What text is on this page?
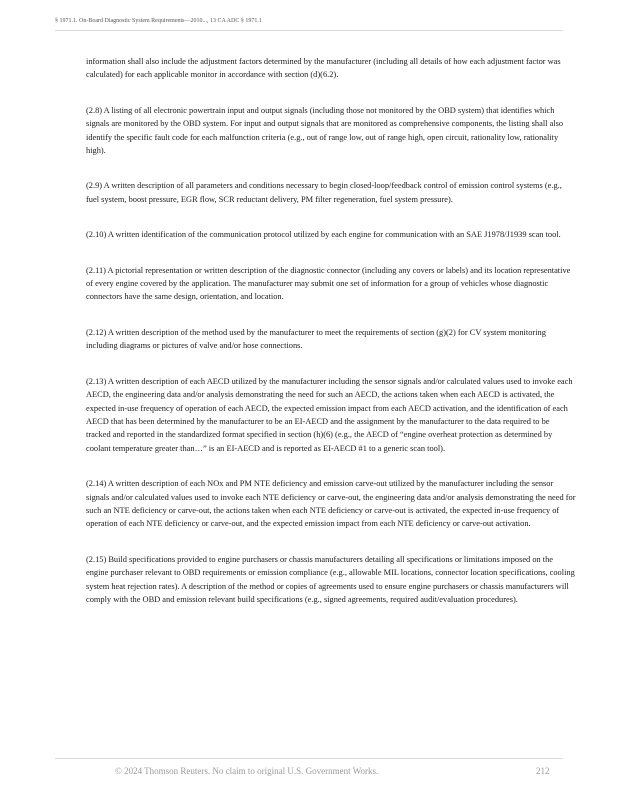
§ 1971.1. On-Board Diagnostic System Requirements—2010..., 13 CA ADC § 1971.1

information shall also include the adjustment factors determined by the manufacturer (including all details of how each adjustment factor was calculated) for each applicable monitor in accordance with section (d)(6.2).

(2.8) A listing of all electronic powertrain input and output signals (including those not monitored by the OBD system) that identifies which signals are monitored by the OBD system. For input and output signals that are monitored as comprehensive components, the listing shall also identify the specific fault code for each malfunction criteria (e.g., out of range low, out of range high, open circuit, rationality low, rationality high).

(2.9) A written description of all parameters and conditions necessary to begin closed-loop/feedback control of emission control systems (e.g., fuel system, boost pressure, EGR flow, SCR reductant delivery, PM filter regeneration, fuel system pressure).

(2.10) A written identification of the communication protocol utilized by each engine for communication with an SAE J1978/J1939 scan tool.

(2.11) A pictorial representation or written description of the diagnostic connector (including any covers or labels) and its location representative of every engine covered by the application. The manufacturer may submit one set of information for a group of vehicles whose diagnostic connectors have the same design, orientation, and location.

(2.12) A written description of the method used by the manufacturer to meet the requirements of section (g)(2) for CV system monitoring including diagrams or pictures of valve and/or hose connections.

(2.13) A written description of each AECD utilized by the manufacturer including the sensor signals and/or calculated values used to invoke each AECD, the engineering data and/or analysis demonstrating the need for such an AECD, the actions taken when each AECD is activated, the expected in-use frequency of operation of each AECD, the expected emission impact from each AECD activation, and the identification of each AECD that has been determined by the manufacturer to be an EI-AECD and the assignment by the manufacturer to the data required to be tracked and reported in the standardized format specified in section (h)(6) (e.g., the AECD of “engine overheat protection as determined by coolant temperature greater than…” is an EI-AECD and is reported as EI-AECD #1 to a generic scan tool).

(2.14) A written description of each NOx and PM NTE deficiency and emission carve-out utilized by the manufacturer including the sensor signals and/or calculated values used to invoke each NTE deficiency or carve-out, the engineering data and/or analysis demonstrating the need for such an NTE deficiency or carve-out, the actions taken when each NTE deficiency or carve-out is activated, the expected in-use frequency of operation of each NTE deficiency or carve-out, and the expected emission impact from each NTE deficiency or carve-out activation.

(2.15) Build specifications provided to engine purchasers or chassis manufacturers detailing all specifications or limitations imposed on the engine purchaser relevant to OBD requirements or emission compliance (e.g., allowable MIL locations, connector location specifications, cooling system heat rejection rates). A description of the method or copies of agreements used to ensure engine purchasers or chassis manufacturers will comply with the OBD and emission relevant build specifications (e.g., signed agreements, required audit/evaluation procedures).

© 2024 Thomson Reuters. No claim to original U.S. Government Works.	212
